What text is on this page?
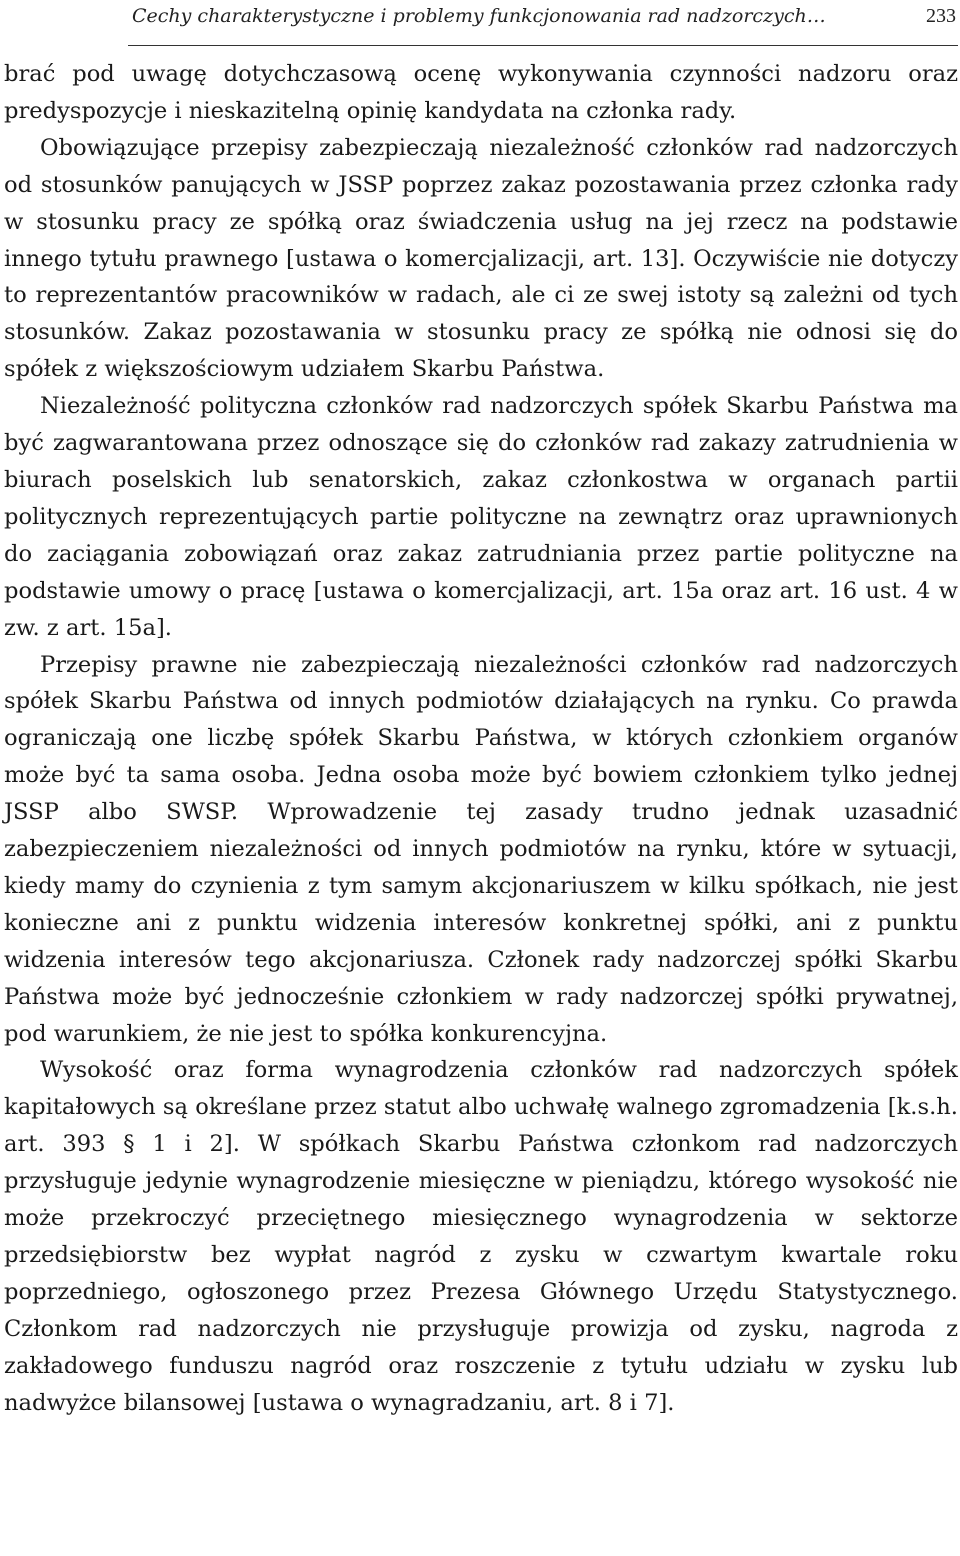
Cechy charakterystyczne i problemy funkcjonowania rad nadzorczych…	233

brać pod uwagę dotychczasową ocenę wykonywania czynności nadzoru oraz predyspozycje i nieskazitelną opinię kandydata na członka rady.

Obowiązujące przepisy zabezpieczają niezależność członków rad nadzorczych od stosunków panujących w JSSP poprzez zakaz pozostawania przez członka rady w stosunku pracy ze spółką oraz świadczenia usług na jej rzecz na podstawie innego tytułu prawnego [ustawa o komercjalizacji, art. 13]. Oczywiście nie dotyczy to reprezentantów pracowników w radach, ale ci ze swej istoty są zależni od tych stosunków. Zakaz pozostawania w stosunku pracy ze spółką nie odnosi się do spółek z większościowym udziałem Skarbu Państwa.

Niezależność polityczna członków rad nadzorczych spółek Skarbu Państwa ma być zagwarantowana przez odnoszące się do członków rad zakazy zatrudnienia w biurach poselskich lub senatorskich, zakaz członkostwa w organach partii politycznych reprezentujących partie polityczne na zewnątrz oraz uprawnionych do zaciągania zobowiązań oraz zakaz zatrudniania przez partie polityczne na podstawie umowy o pracę [ustawa o komercjalizacji, art. 15a oraz art. 16 ust. 4 w zw. z art. 15a].

Przepisy prawne nie zabezpieczają niezależności członków rad nadzorczych spółek Skarbu Państwa od innych podmiotów działających na rynku. Co prawda ograniczają one liczbę spółek Skarbu Państwa, w których członkiem organów może być ta sama osoba. Jedna osoba może być bowiem członkiem tylko jednej JSSP albo SWSP. Wprowadzenie tej zasady trudno jednak uzasadnić zabezpieczeniem niezależności od innych podmiotów na rynku, które w sytuacji, kiedy mamy do czynienia z tym samym akcjonariuszem w kilku spółkach, nie jest konieczne ani z punktu widzenia interesów konkretnej spółki, ani z punktu widzenia interesów tego akcjonariusza. Członek rady nadzorczej spółki Skarbu Państwa może być jednocześnie członkiem w rady nadzorczej spółki prywatnej, pod warunkiem, że nie jest to spółka konkurencyjna.

Wysokość oraz forma wynagrodzenia członków rad nadzorczych spółek kapitałowych są określane przez statut albo uchwałę walnego zgromadzenia [k.s.h. art. 393 § 1 i 2]. W spółkach Skarbu Państwa członkom rad nadzorczych przysługuje jedynie wynagrodzenie miesięczne w pieniądzu, którego wysokość nie może przekroczyć przeciętnego miesięcznego wynagrodzenia w sektorze przedsiębiorstw bez wypłat nagród z zysku w czwartym kwartale roku poprzedniego, ogłoszonego przez Prezesa Głównego Urzędu Statystycznego. Członkom rad nadzorczych nie przysługuje prowizja od zysku, nagroda z zakładowego funduszu nagród oraz roszczenie z tytułu udziału w zysku lub nadwyżce bilansowej [ustawa o wynagradzaniu, art. 8 i 7].
